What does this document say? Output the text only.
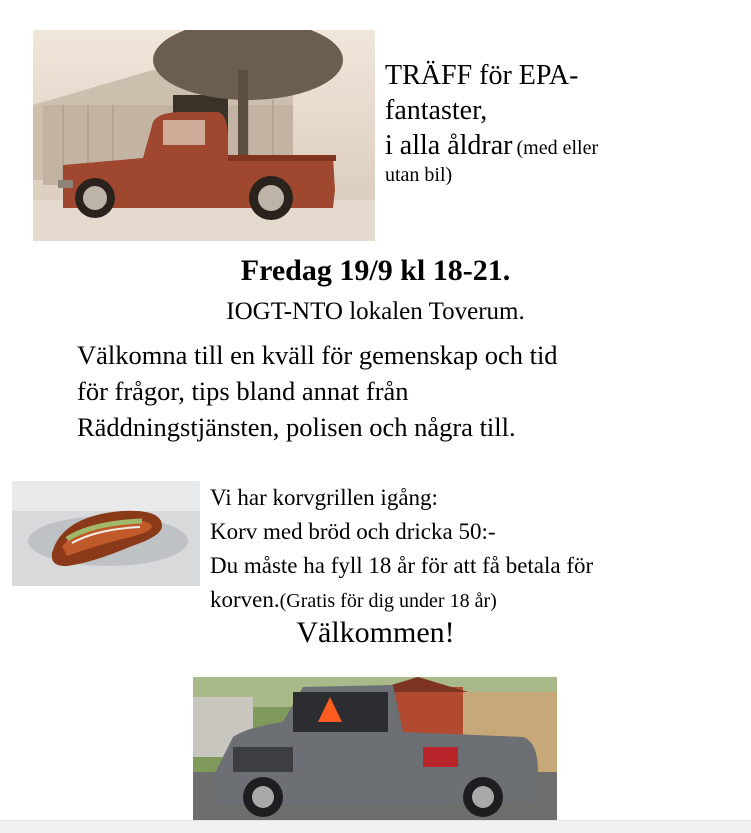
TRÄFF för EPA-
fantaster,
i alla åldrar (med eller
utan bil)
Fredag 19/9 kl 18-21.
IOGT-NTO lokalen Toverum.
Välkomna till en kväll för gemenskap och tid
för frågor, tips bland annat från
Räddningstjänsten, polisen och några till.
Vi har korvgrillen igång:
Korv med bröd och dricka 50:-
Du måste ha fyll 18 år för att få betala för
korven.(Gratis för dig under 18 år)
Välkommen!
